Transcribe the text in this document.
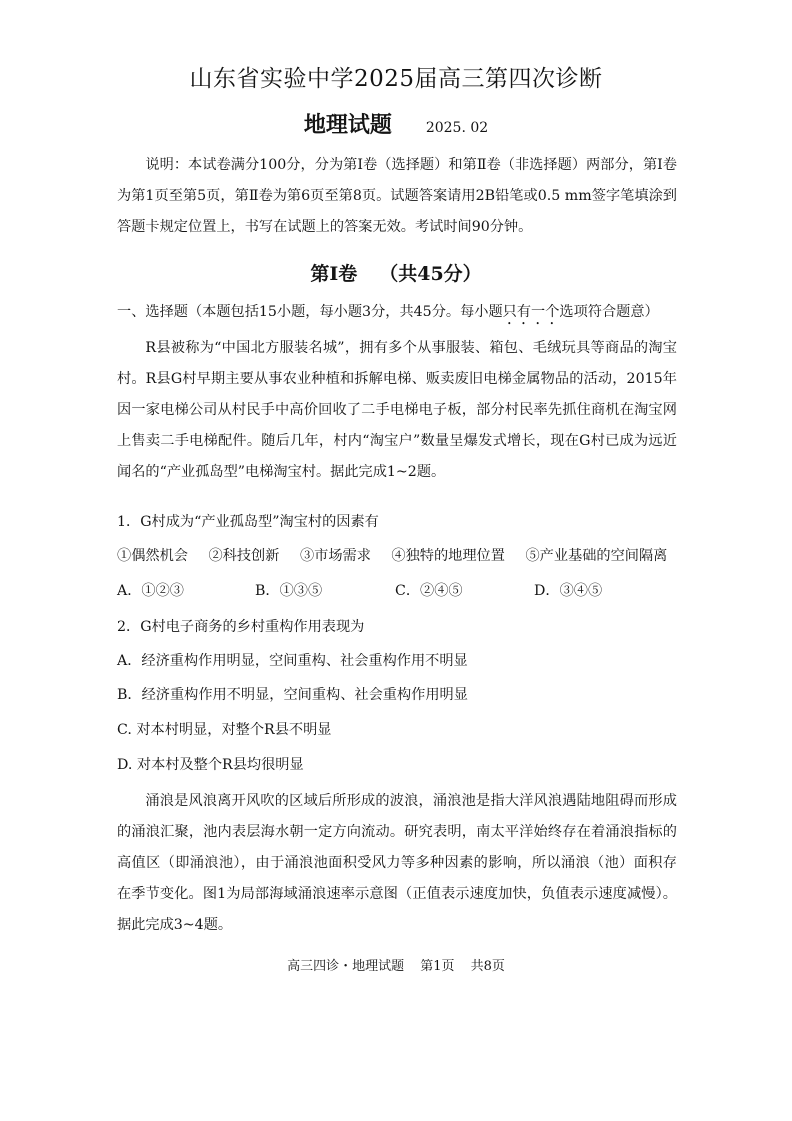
山东省实验中学2025届高三第四次诊断
地理试题 2025. 02
说明：本试卷满分100分，分为第Ⅰ卷（选择题）和第Ⅱ卷（非选择题）两部分，第Ⅰ卷为第1页至第5页，第Ⅱ卷为第6页至第8页。试题答案请用2B铅笔或0.5 mm签字笔填涂到答题卡规定位置上，书写在试题上的答案无效。考试时间90分钟。
第Ⅰ卷 （共45分）
一、选择题（本题包括15小题，每小题3分，共45分。每小题只有一个选项符合题意）
R县被称为“中国北方服装名城”，拥有多个从事服装、箱包、毛绒玩具等商品的淘宝村。R县G村早期主要从事农业种植和拆解电梯、贩卖废旧电梯金属物品的活动，2015年因一家电梯公司从村民手中高价回收了二手电梯电子板，部分村民率先抓住商机在淘宝网上售卖二手电梯配件。随后几年，村内“淘宝户”数量呈爆发式增长，现在G村已成为远近闻名的“产业孤岛型”电梯淘宝村。据此完成1~2题。
1．G村成为“产业孤岛型”淘宝村的因素有
①偶然机会 ②科技创新 ③市场需求 ④独特的地理位置 ⑤产业基础的空间隔离
A．①②③	B．①③⑤	C．②④⑤	D．③④⑤
2．G村电子商务的乡村重构作用表现为
A．经济重构作用明显，空间重构、社会重构作用不明显
B．经济重构作用不明显，空间重构、社会重构作用明显
C. 对本村明显，对整个R县不明显
D. 对本村及整个R县均很明显
涌浪是风浪离开风吹的区域后所形成的波浪，涌浪池是指大洋风浪遇陆地阻碍而形成的涌浪汇聚，池内表层海水朝一定方向流动。研究表明，南太平洋始终存在着涌浪指标的高值区（即涌浪池），由于涌浪池面积受风力等多种因素的影响，所以涌浪（池）面积存在季节变化。图1为局部海域涌浪速率示意图（正值表示速度加快，负值表示速度减慢）。据此完成3~4题。
高三四诊・地理试题 第1页 共8页
